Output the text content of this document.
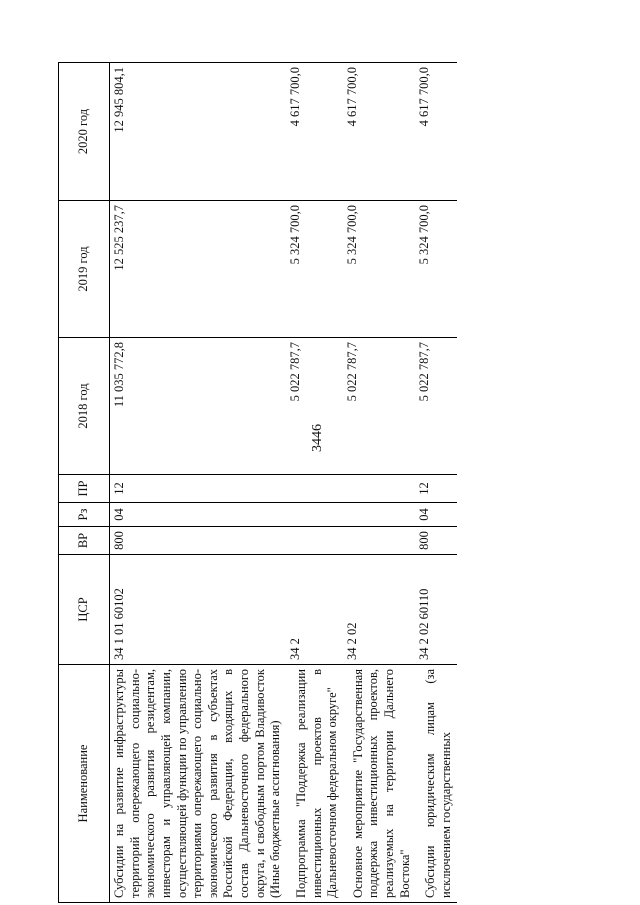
3446
Наименование	ЦСР	ВР	Рз	ПР	2018 год	2019 год	2020 год
Субсидии на развитие инфраструктуры территорий опережающего социально-экономического развития резидентам, инвесторам и управляющей компании, осуществляющей функции по управлению территориями опережающего социально-экономического развития в субъектах Российской Федерации, входящих в состав Дальневосточного федерального округа, и свободным портом Владивосток (Иные бюджетные ассигнования)	34 1 01 60102	800	04	12	11 035 772,8	12 525 237,7	12 945 804,1
Подпрограмма "Поддержка реализации инвестиционных проектов в Дальневосточном федеральном округе"	34 2				5 022 787,7	5 324 700,0	4 617 700,0
Основное мероприятие "Государственная поддержка инвестиционных проектов, реализуемых на территории Дальнего Востока"	34 2 02				5 022 787,7	5 324 700,0	4 617 700,0
Субсидии юридическим лицам (за исключением государственных	34 2 02 60110	800	04	12	5 022 787,7	5 324 700,0	4 617 700,0
